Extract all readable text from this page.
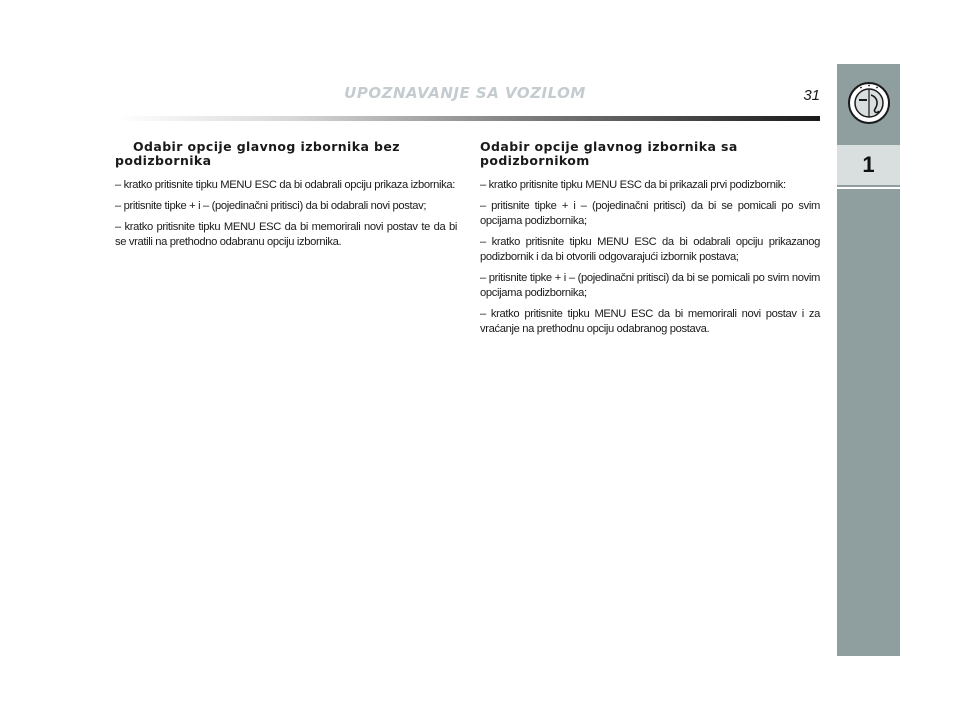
UPOZNAVANJE SA VOZILOM	31
1
Odabir opcije glavnog izbornika bez podizbornika

– kratko pritisnite tipku MENU ESC da bi odabrali opciju prikaza izbornika:

– pritisnite tipke + i – (pojedinačni pritisci) da bi odabrali novi postav;

– kratko pritisnite tipku MENU ESC da bi memorirali novi postav te da bi se vratili na prethodno odabranu opciju izbornika.

Odabir opcije glavnog izbornika sa podizbornikom

– kratko pritisnite tipku MENU ESC da bi prikazali prvi podizbornik:

– pritisnite tipke + i – (pojedinačni pritisci) da bi se pomicali po svim opcijama podizbornika;

– kratko pritisnite tipku MENU ESC da bi odabrali opciju prikazanog podizbornik i da bi otvorili odgovarajući izbornik postava;

– pritisnite tipke + i – (pojedinačni pritisci) da bi se pomicali po svim novim opcijama podizbornika;

– kratko pritisnite tipku MENU ESC da bi memorirali novi postav i za vraćanje na prethodnu opciju odabranog postava.
